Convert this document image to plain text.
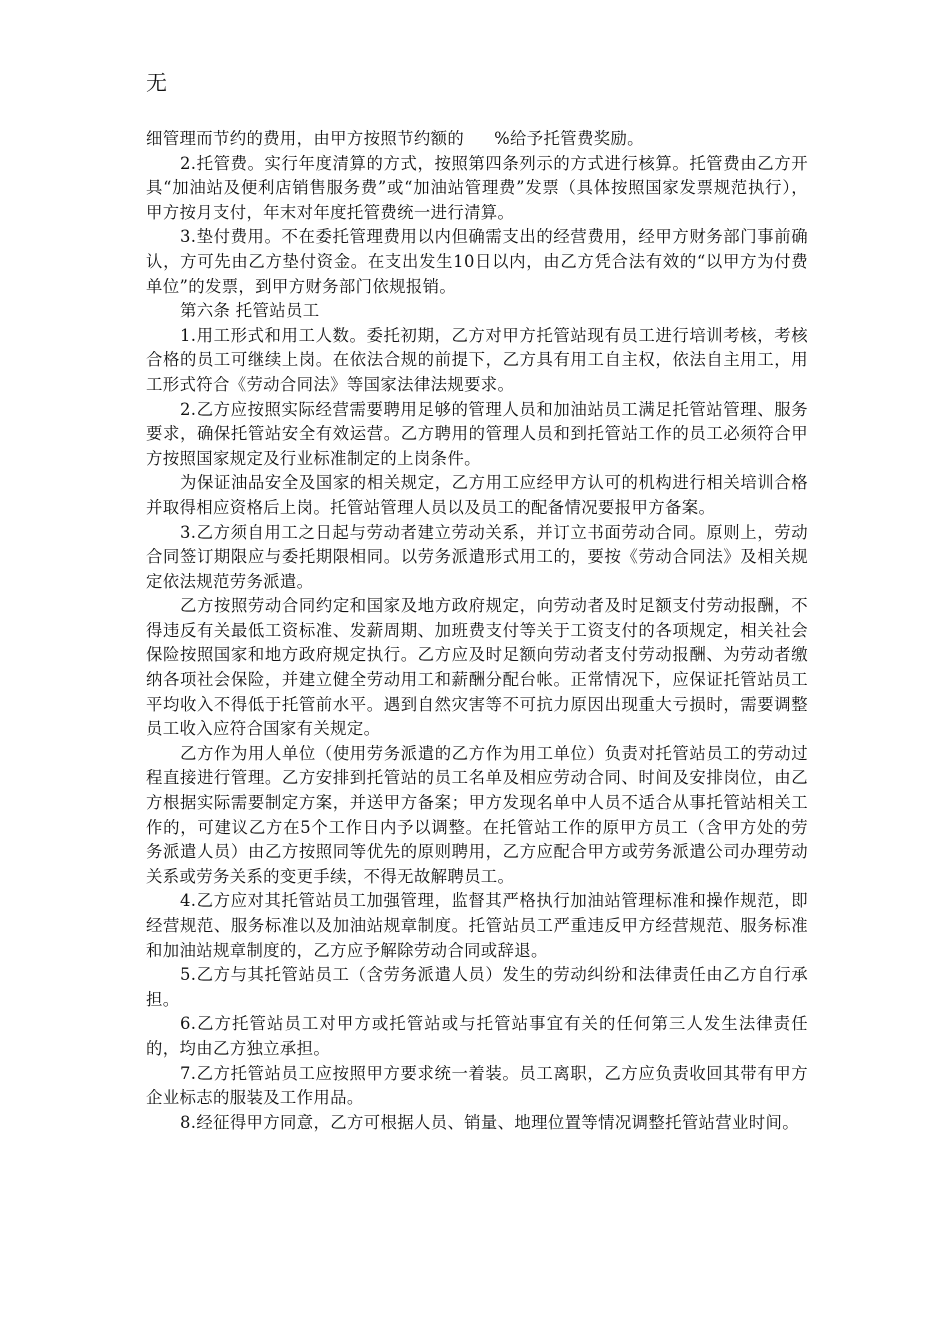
无

细管理而节约的费用，由甲方按照节约额的 %给予托管费奖励。

2.托管费。实行年度清算的方式，按照第四条列示的方式进行核算。托管费由乙方开具“加油站及便利店销售服务费”或“加油站管理费”发票（具体按照国家发票规范执行），甲方按月支付，年末对年度托管费统一进行清算。

3.垫付费用。不在委托管理费用以内但确需支出的经营费用，经甲方财务部门事前确认，方可先由乙方垫付资金。在支出发生10日以内，由乙方凭合法有效的“以甲方为付费单位”的发票，到甲方财务部门依规报销。

第六条 托管站员工

1.用工形式和用工人数。委托初期，乙方对甲方托管站现有员工进行培训考核，考核合格的员工可继续上岗。在依法合规的前提下，乙方具有用工自主权，依法自主用工，用工形式符合《劳动合同法》等国家法律法规要求。

2.乙方应按照实际经营需要聘用足够的管理人员和加油站员工满足托管站管理、服务要求，确保托管站安全有效运营。乙方聘用的管理人员和到托管站工作的员工必须符合甲方按照国家规定及行业标准制定的上岗条件。

为保证油品安全及国家的相关规定，乙方用工应经甲方认可的机构进行相关培训合格并取得相应资格后上岗。托管站管理人员以及员工的配备情况要报甲方备案。

3.乙方须自用工之日起与劳动者建立劳动关系，并订立书面劳动合同。原则上，劳动合同签订期限应与委托期限相同。以劳务派遣形式用工的，要按《劳动合同法》及相关规定依法规范劳务派遣。

乙方按照劳动合同约定和国家及地方政府规定，向劳动者及时足额支付劳动报酬，不得违反有关最低工资标准、发薪周期、加班费支付等关于工资支付的各项规定，相关社会保险按照国家和地方政府规定执行。乙方应及时足额向劳动者支付劳动报酬、为劳动者缴纳各项社会保险，并建立健全劳动用工和薪酬分配台帐。正常情况下，应保证托管站员工平均收入不得低于托管前水平。遇到自然灾害等不可抗力原因出现重大亏损时，需要调整员工收入应符合国家有关规定。

乙方作为用人单位（使用劳务派遣的乙方作为用工单位）负责对托管站员工的劳动过程直接进行管理。乙方安排到托管站的员工名单及相应劳动合同、时间及安排岗位，由乙方根据实际需要制定方案，并送甲方备案；甲方发现名单中人员不适合从事托管站相关工作的，可建议乙方在5个工作日内予以调整。在托管站工作的原甲方员工（含甲方处的劳务派遣人员）由乙方按照同等优先的原则聘用，乙方应配合甲方或劳务派遣公司办理劳动关系或劳务关系的变更手续，不得无故解聘员工。

4.乙方应对其托管站员工加强管理，监督其严格执行加油站管理标准和操作规范，即经营规范、服务标准以及加油站规章制度。托管站员工严重违反甲方经营规范、服务标准和加油站规章制度的，乙方应予解除劳动合同或辞退。

5.乙方与其托管站员工（含劳务派遣人员）发生的劳动纠纷和法律责任由乙方自行承担。

6.乙方托管站员工对甲方或托管站或与托管站事宜有关的任何第三人发生法律责任的，均由乙方独立承担。

7.乙方托管站员工应按照甲方要求统一着装。员工离职，乙方应负责收回其带有甲方企业标志的服装及工作用品。

8.经征得甲方同意，乙方可根据人员、销量、地理位置等情况调整托管站营业时间。
